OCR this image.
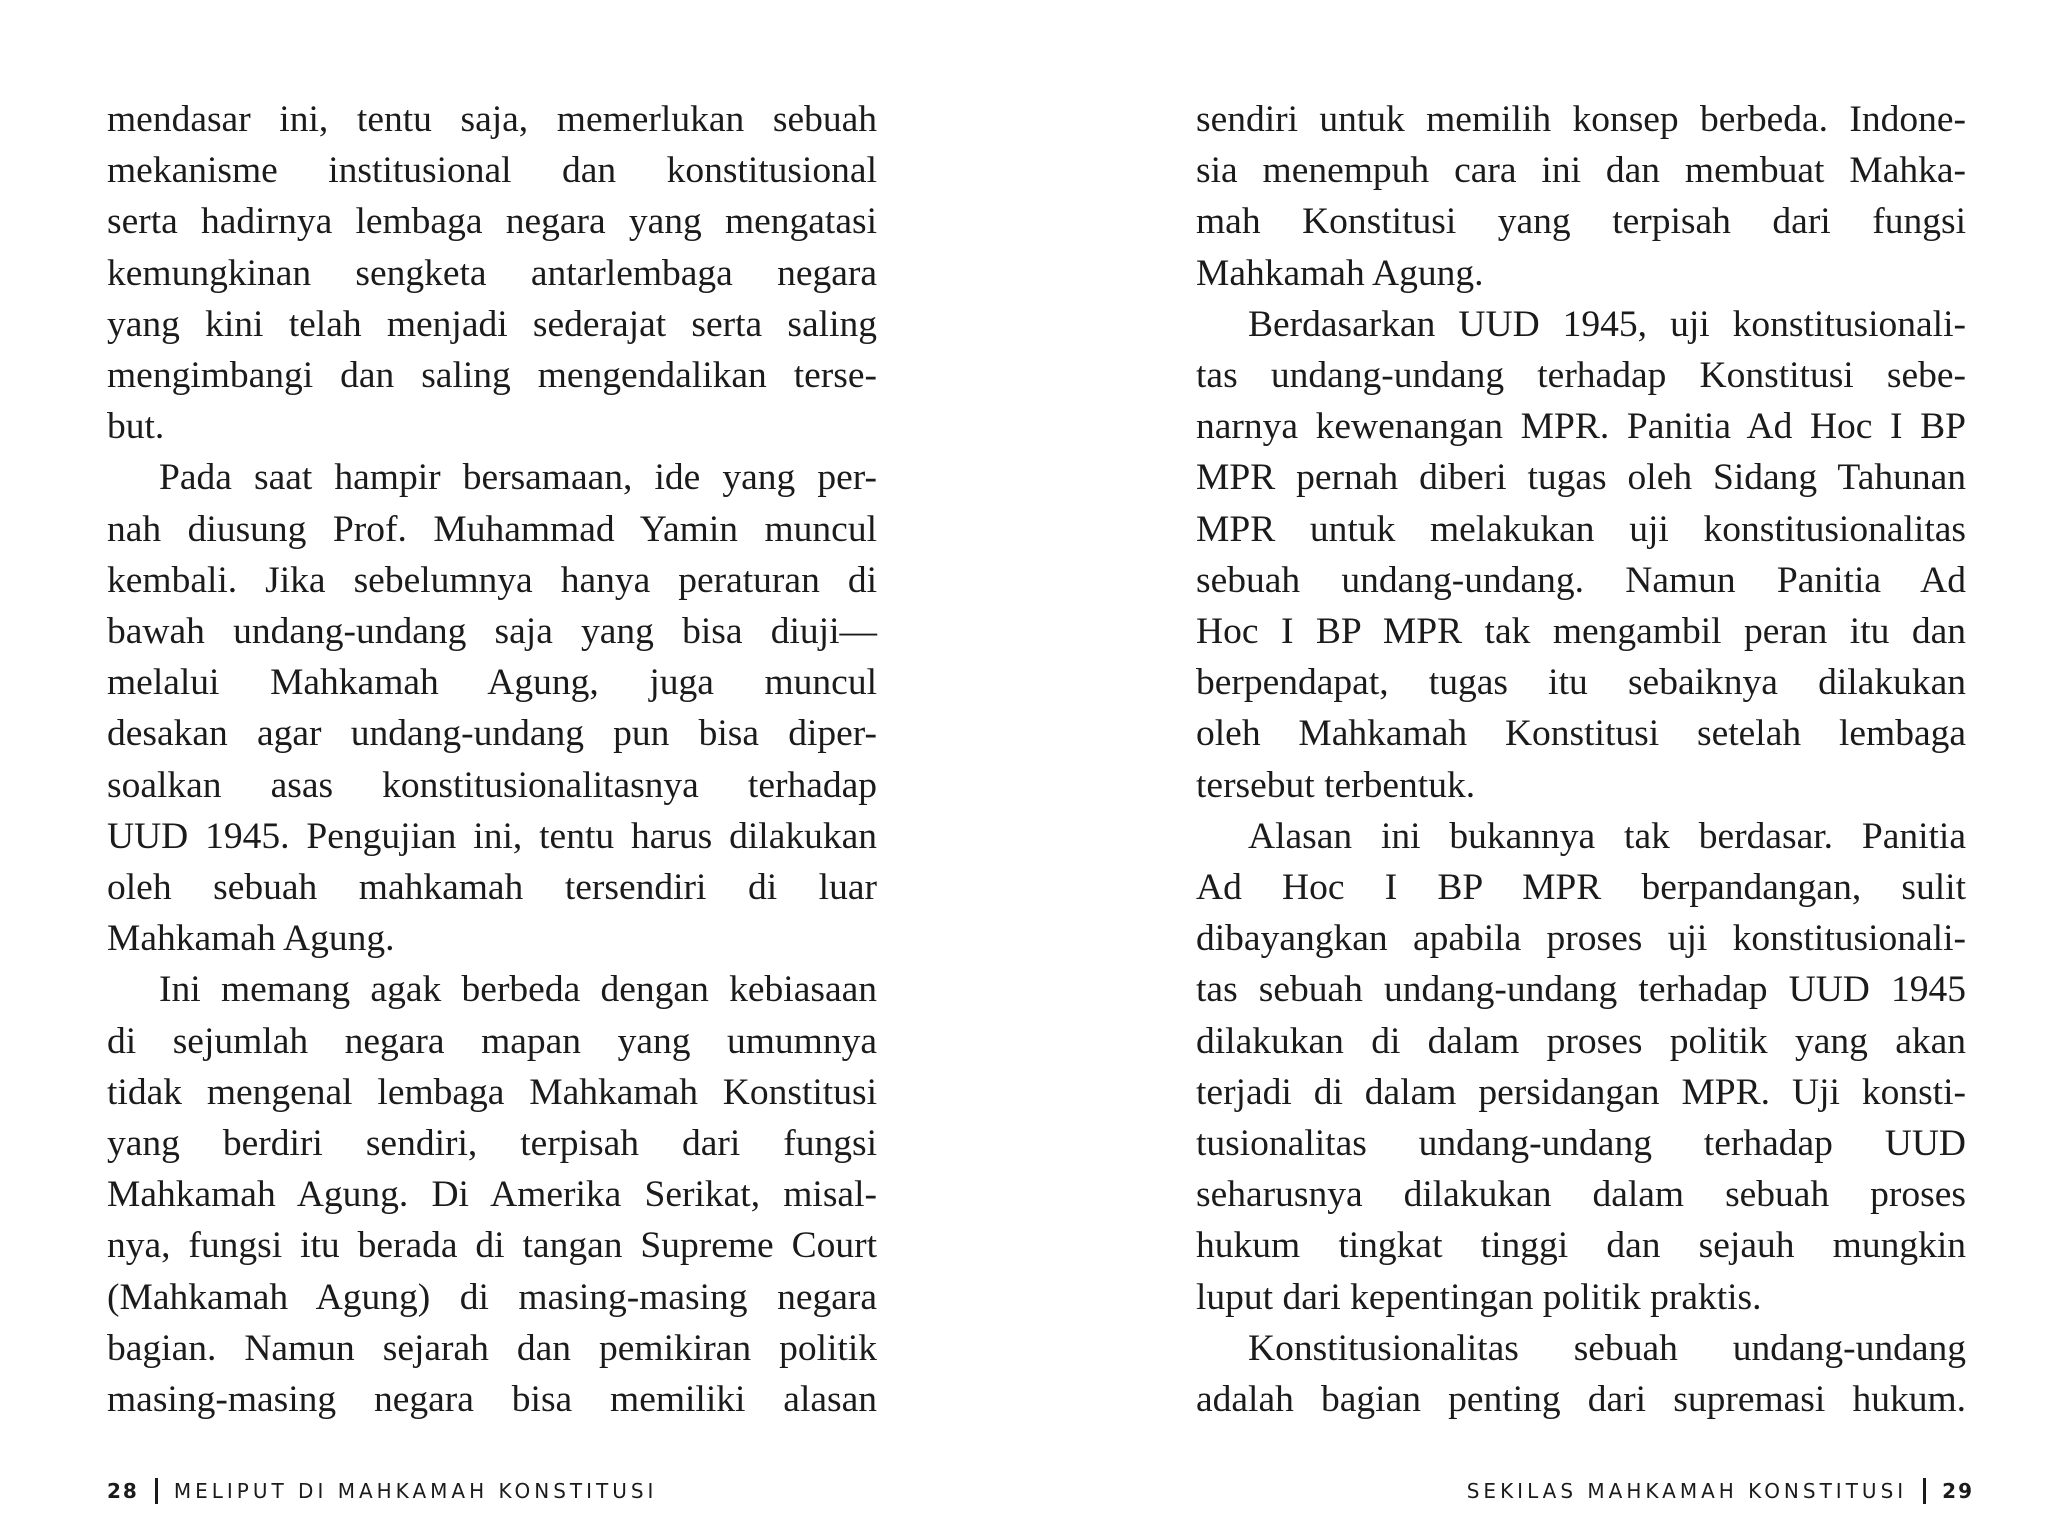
mendasar ini, tentu saja, memerlukan sebuah

mekanisme institusional dan konstitusional

serta hadirnya lembaga negara yang mengatasi

kemungkinan sengketa antarlembaga negara

yang kini telah menjadi sederajat serta saling

mengimbangi dan saling mengendalikan terse-

but.

Pada saat hampir bersamaan, ide yang per-

nah diusung Prof. Muhammad Yamin muncul

kembali. Jika sebelumnya hanya peraturan di

bawah undang-undang saja yang bisa diuji—

melalui Mahkamah Agung, juga muncul

desakan agar undang-undang pun bisa diper-

soalkan asas konstitusionalitasnya terhadap

UUD 1945. Pengujian ini, tentu harus dilakukan

oleh sebuah mahkamah tersendiri di luar

Mahkamah Agung.

Ini memang agak berbeda dengan kebiasaan

di sejumlah negara mapan yang umumnya

tidak mengenal lembaga Mahkamah Konstitusi

yang berdiri sendiri, terpisah dari fungsi

Mahkamah Agung. Di Amerika Serikat, misal-

nya, fungsi itu berada di tangan Supreme Court

(Mahkamah Agung) di masing-masing negara

bagian. Namun sejarah dan pemikiran politik

masing-masing negara bisa memiliki alasan

28 MELIPUT DI MAHKAMAH KONSTITUSI

sendiri untuk memilih konsep berbeda. Indone-

sia menempuh cara ini dan membuat Mahka-

mah Konstitusi yang terpisah dari fungsi

Mahkamah Agung.

Berdasarkan UUD 1945, uji konstitusionali-

tas undang-undang terhadap Konstitusi sebe-

narnya kewenangan MPR. Panitia Ad Hoc I BP

MPR pernah diberi tugas oleh Sidang Tahunan

MPR untuk melakukan uji konstitusionalitas

sebuah undang-undang. Namun Panitia Ad

Hoc I BP MPR tak mengambil peran itu dan

berpendapat, tugas itu sebaiknya dilakukan

oleh Mahkamah Konstitusi setelah lembaga

tersebut terbentuk.

Alasan ini bukannya tak berdasar. Panitia

Ad Hoc I BP MPR berpandangan, sulit

dibayangkan apabila proses uji konstitusionali-

tas sebuah undang-undang terhadap UUD 1945

dilakukan di dalam proses politik yang akan

terjadi di dalam persidangan MPR. Uji konsti-

tusionalitas undang-undang terhadap UUD

seharusnya dilakukan dalam sebuah proses

hukum tingkat tinggi dan sejauh mungkin

luput dari kepentingan politik praktis.

Konstitusionalitas sebuah undang-undang

adalah bagian penting dari supremasi hukum.

SEKILAS MAHKAMAH KONSTITUSI 29
